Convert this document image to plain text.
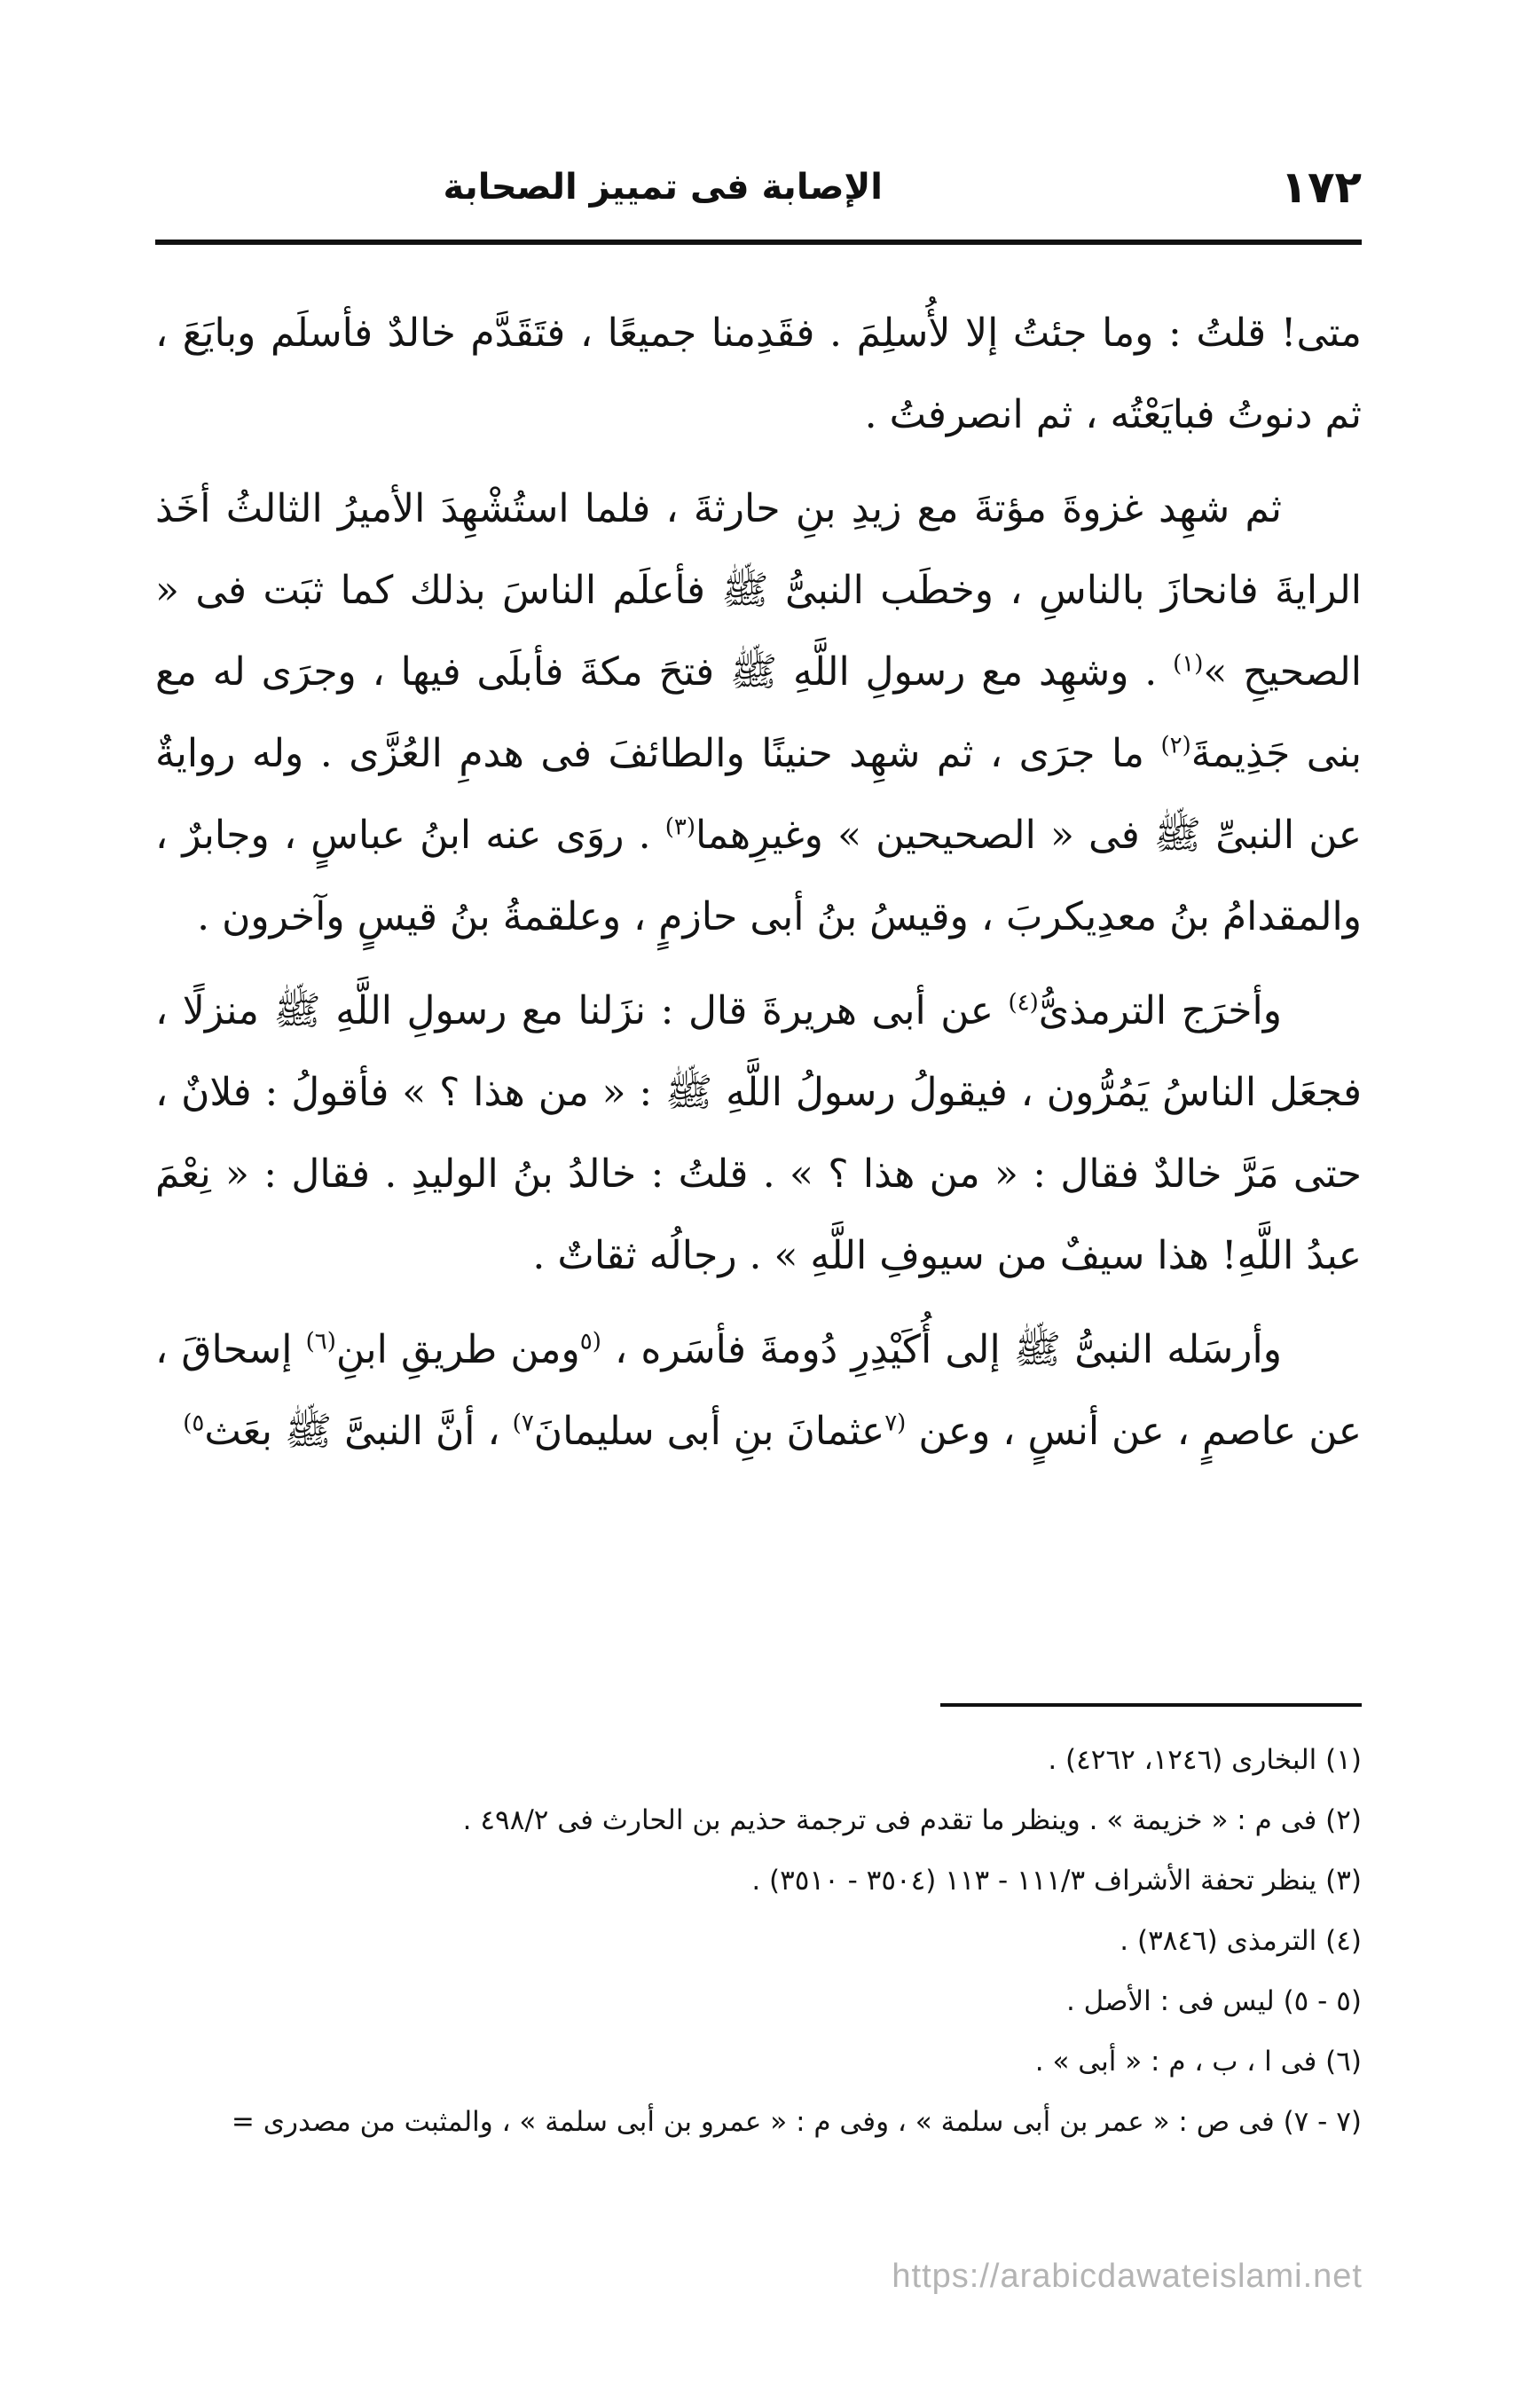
١٧٢
الإصابة فى تمييز الصحابة

متى! قلتُ : وما جئتُ إلا لأُسلِمَ . فقَدِمنا جميعًا ، فتَقَدَّم خالدٌ فأسلَم وبايَعَ ، ثم دنوتُ فبايَعْتُه ، ثم انصرفتُ .

ثم شهِد غزوةَ مؤتةَ مع زيدِ بنِ حارثةَ ، فلما استُشْهِدَ الأميرُ الثالثُ أخَذ الرايةَ فانحازَ بالناسِ ، وخطَب النبىُّ ﷺ فأعلَم الناسَ بذلك كما ثبَت فى « الصحيحِ »$^{(١)}$ . وشهِد مع رسولِ اللَّهِ ﷺ فتحَ مكةَ فأبلَى فيها ، وجرَى له مع بنى جَذِيمةَ$^{(٢)}$ ما جرَى ، ثم شهِد حنينًا والطائفَ فى هدمِ العُزَّى . وله روايةٌ عن النبىِّ ﷺ فى « الصحيحين » وغيرِهما$^{(٣)}$ . روَى عنه ابنُ عباسٍ ، وجابرٌ ، والمقدامُ بنُ معدِيكربَ ، وقيسُ بنُ أبى حازمٍ ، وعلقمةُ بنُ قيسٍ وآخرون .

وأخرَج الترمذىُّ$^{(٤)}$ عن أبى هريرةَ قال : نزَلنا مع رسولِ اللَّهِ ﷺ منزلًا ، فجعَل الناسُ يَمُرُّون ، فيقولُ رسولُ اللَّهِ ﷺ : « من هذا ؟ » فأقولُ : فلانٌ ، حتى مَرَّ خالدٌ فقال : « من هذا ؟ » . قلتُ : خالدُ بنُ الوليدِ . فقال : « نِعْمَ عبدُ اللَّهِ! هذا سيفٌ من سيوفِ اللَّهِ » . رجالُه ثقاتٌ .

وأرسَله النبىُّ ﷺ إلى أُكَيْدِرِ دُومةَ فأسَره ، $^{(٥}$ومن طريقِ ابنِ$^{(٦)}$ إسحاقَ ، عن عاصمٍ ، عن أنسٍ ، وعن $^{(٧}$عثمانَ بنِ أبى سليمانَ$^{٧)}$ ، أنَّ النبىَّ ﷺ بعَث$^{٥)}$

(١) البخارى (١٢٤٦، ٤٢٦٢) .
(٢) فى م : « خزيمة » . وينظر ما تقدم فى ترجمة حذيم بن الحارث فى ٤٩٨/٢ .
(٣) ينظر تحفة الأشراف ١١١/٣ - ١١٣ (٣٥٠٤ - ٣٥١٠) .
(٤) الترمذى (٣٨٤٦) .
(٥ - ٥) ليس فى : الأصل .
(٦) فى ا ، ب ، م : « أبى » .
(٧ - ٧) فى ص : « عمر بن أبى سلمة » ، وفى م : « عمرو بن أبى سلمة » ، والمثبت من مصدرى =
https://arabicdawateislami.net
